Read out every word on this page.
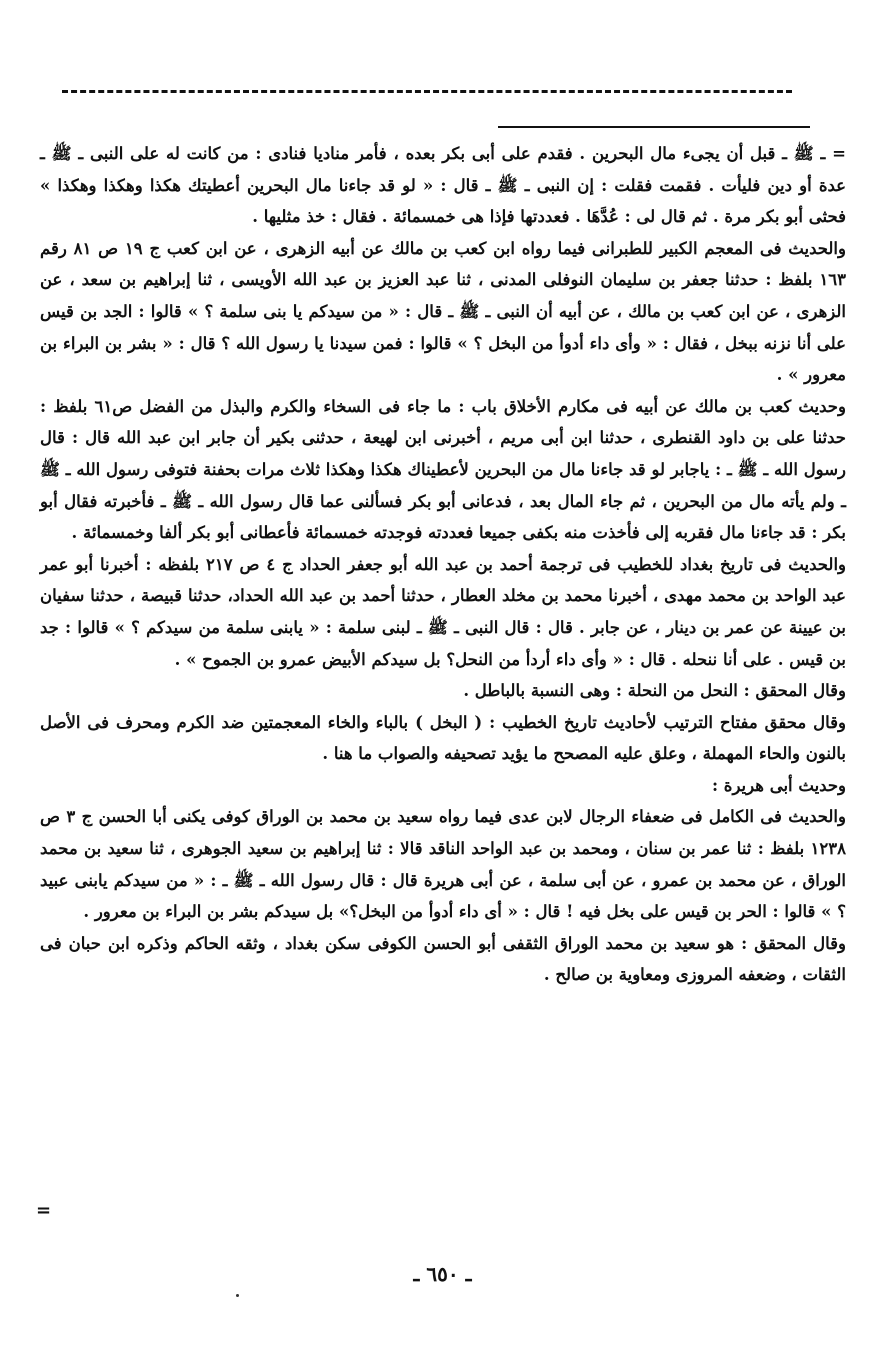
= ـ ﷺ ـ قبل أن يجىء مال البحرين . فقدم على أبى بكر بعده ، فأمر مناديا فنادى : من كانت له على النبى ـ ﷺ ـ عدة أو دين فليأت . فقمت فقلت : إن النبى ـ ﷺ ـ قال : « لو قد جاءنا مال البحرين أعطيتك هكذا وهكذا وهكذا » فحثى أبو بكر مرة . ثم قال لى : عُدَّهَا . فعددتها فإذا هى خمسمائة . فقال : خذ مثليها .

والحديث فى المعجم الكبير للطبرانى فيما رواه ابن كعب بن مالك عن أبيه الزهرى ، عن ابن كعب ج ١٩ ص ٨١ رقم ١٦٣ بلفظ : حدثنا جعفر بن سليمان النوفلى المدنى ، ثنا عبد العزيز بن عبد الله الأويسى ، ثنا إبراهيم بن سعد ، عن الزهرى ، عن ابن كعب بن مالك ، عن أبيه أن النبى ـ ﷺ ـ قال : « من سيدكم يا بنى سلمة ؟ » قالوا : الجد بن قيس على أنا نزنه ببخل ، فقال : « وأى داء أدوأ من البخل ؟ » قالوا : فمن سيدنا يا رسول الله ؟ قال : « بشر بن البراء بن معرور » .

وحديث كعب بن مالك عن أبيه فى مكارم الأخلاق باب : ما جاء فى السخاء والكرم والبذل من الفضل ص٦١ بلفظ : حدثنا على بن داود القنطرى ، حدثنا ابن أبى مريم ، أخبرنى ابن لهيعة ، حدثنى بكير أن جابر ابن عبد الله قال : قال رسول الله ـ ﷺ ـ : ياجابر لو قد جاءنا مال من البحرين لأعطيناك هكذا وهكذا ثلاث مرات بحفنة فتوفى رسول الله ـ ﷺ ـ ولم يأته مال من البحرين ، ثم جاء المال بعد ، فدعانى أبو بكر فسألنى عما قال رسول الله ـ ﷺ ـ فأخبرته فقال أبو بكر : قد جاءنا مال فقربه إلى فأخذت منه بكفى جميعا فعددته فوجدته خمسمائة فأعطانى أبو بكر ألفا وخمسمائة .

والحديث فى تاريخ بغداد للخطيب فى ترجمة أحمد بن عبد الله أبو جعفر الحداد ج ٤ ص ٢١٧ بلفظه : أخبرنا أبو عمر عبد الواحد بن محمد مهدى ، أخبرنا محمد بن مخلد العطار ، حدثنا أحمد بن عبد الله الحداد، حدثنا قبيصة ، حدثنا سفيان بن عيينة عن عمر بن دينار ، عن جابر . قال : قال النبى ـ ﷺ ـ لبنى سلمة : « يابنى سلمة من سيدكم ؟ » قالوا : جد بن قيس . على أنا ننحله . قال : « وأى داء أردأ من النحل؟ بل سيدكم الأبيض عمرو بن الجموح » .

وقال المحقق : النحل من النحلة : وهى النسبة بالباطل .

وقال محقق مفتاح الترتيب لأحاديث تاريخ الخطيب : ( البخل ) بالباء والخاء المعجمتين ضد الكرم ومحرف فى الأصل بالنون والحاء المهملة ، وعلق عليه المصحح ما يؤيد تصحيفه والصواب ما هنا .

وحديث أبى هريرة :

والحديث فى الكامل فى ضعفاء الرجال لابن عدى فيما رواه سعيد بن محمد بن الوراق كوفى يكنى أبا الحسن ج ٣ ص ١٢٣٨ بلفظ : ثنا عمر بن سنان ، ومحمد بن عبد الواحد الناقد قالا : ثنا إبراهيم بن سعيد الجوهرى ، ثنا سعيد بن محمد الوراق ، عن محمد بن عمرو ، عن أبى سلمة ، عن أبى هريرة قال : قال رسول الله ـ ﷺ ـ : « من سيدكم يابنى عبيد ؟ » قالوا : الحر بن قيس على بخل فيه ! قال : « أى داء أدوأ من البخل؟» بل سيدكم بشر بن البراء بن معرور .

وقال المحقق : هو سعيد بن محمد الوراق الثقفى أبو الحسن الكوفى سكن بغداد ، وثقه الحاكم وذكره ابن حبان فى الثقات ، وضعفه المروزى ومعاوية بن صالح .

=
ـ ٦٥٠ ـ
